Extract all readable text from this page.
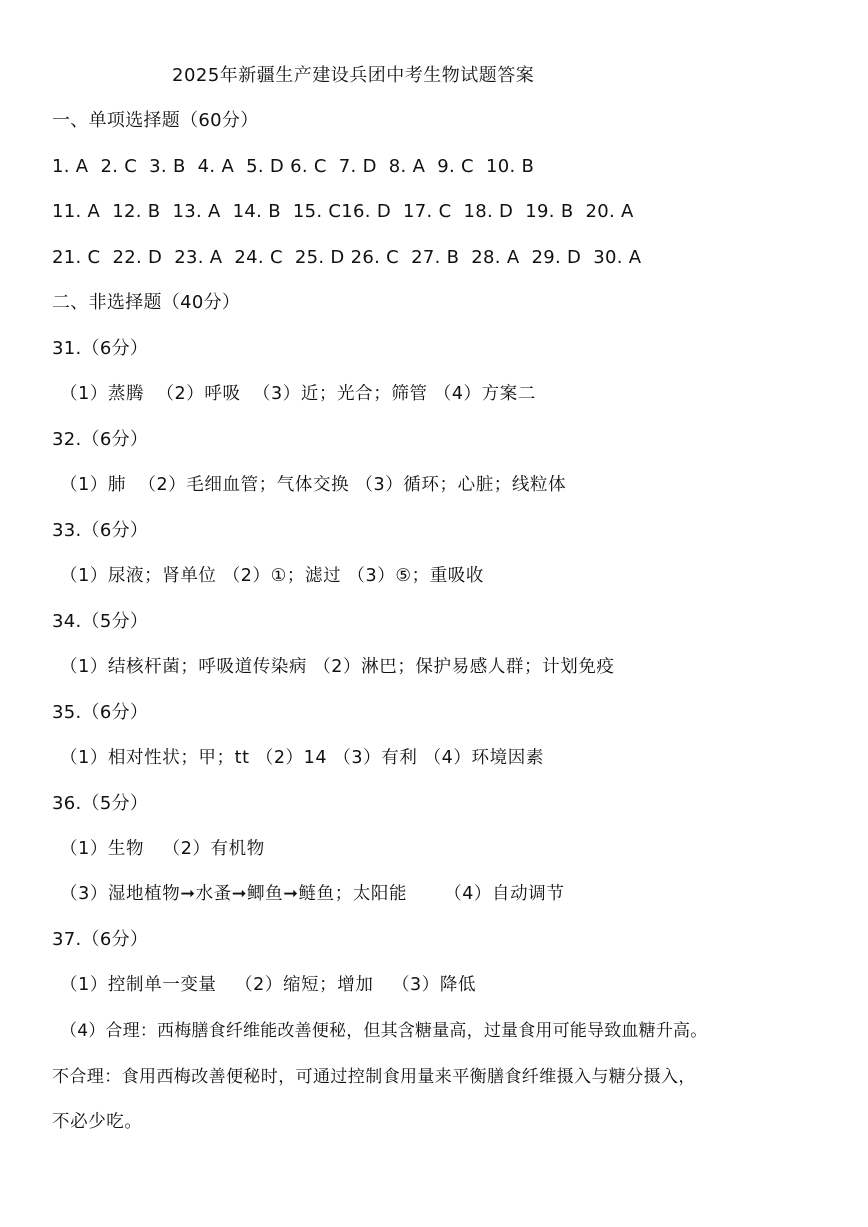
2025年新疆生产建设兵团中考生物试题答案
一、单项选择题（60分）
1. A  2. C  3. B  4. A  5. D 6. C  7. D  8. A  9. C  10. B
11. A  12. B  13. A  14. B  15. C16. D  17. C  18. D  19. B  20. A
21. C  22. D  23. A  24. C  25. D 26. C  27. B  28. A  29. D  30. A
二、非选择题（40分）
31.（6分）
（1）蒸腾  （2）呼吸  （3）近；光合；筛管 （4）方案二
32.（6分）
（1）肺  （2）毛细血管；气体交换 （3）循环；心脏；线粒体
33.（6分）
（1）尿液；肾单位 （2）①；滤过 （3）⑤；重吸收
34.（5分）
（1）结核杆菌；呼吸道传染病 （2）淋巴；保护易感人群；计划免疫
35.（6分）
（1）相对性状；甲；tt （2）14 （3）有利 （4）环境因素
36.（5分）
（1）生物   （2）有机物
（3）湿地植物➞水蚤➞鲫鱼➞鲢鱼；太阳能      （4）自动调节
37.（6分）
（1）控制单一变量   （2）缩短；增加   （3）降低
（4）合理：西梅膳食纤维能改善便秘，但其含糖量高，过量食用可能导致血糖升高。
不合理：食用西梅改善便秘时，可通过控制食用量来平衡膳食纤维摄入与糖分摄入，
不必少吃。
